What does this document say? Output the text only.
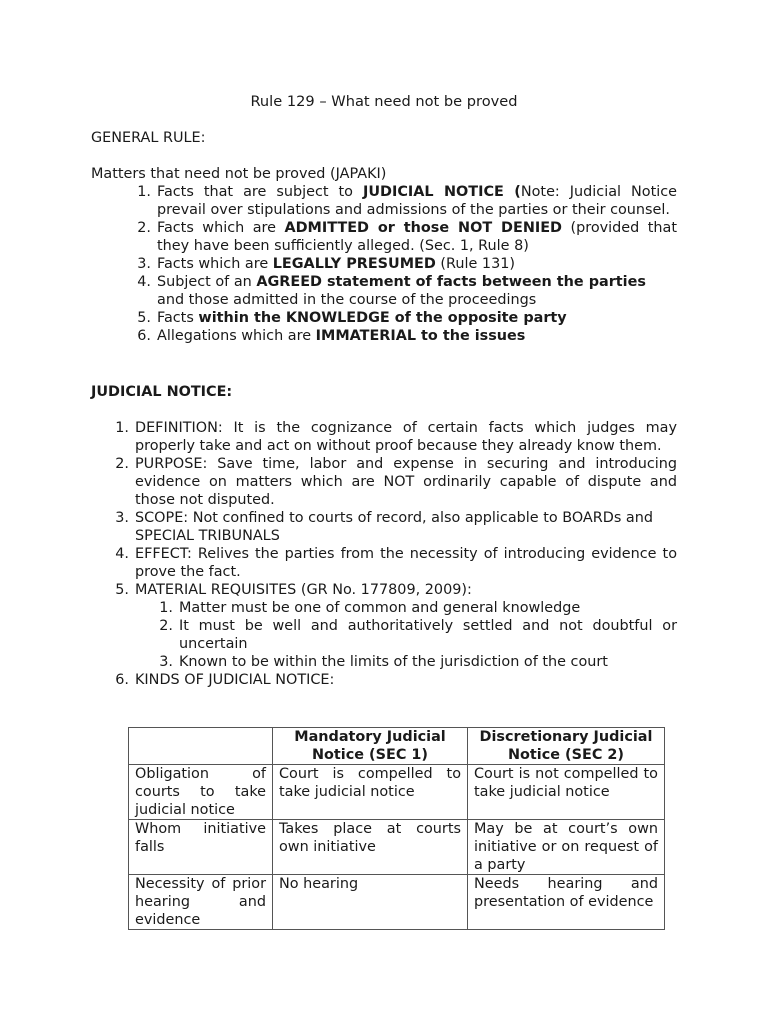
Rule 129 – What need not be proved
GENERAL RULE:
Matters that need not be proved (JAPAKI)
1. Facts that are subject to JUDICIAL NOTICE (Note: Judicial Notice prevail over stipulations and admissions of the parties or their counsel.
2. Facts which are ADMITTED or those NOT DENIED (provided that they have been sufficiently alleged. (Sec. 1, Rule 8)
3. Facts which are LEGALLY PRESUMED (Rule 131)
4. Subject of an AGREED statement of facts between the parties and those admitted in the course of the proceedings
5. Facts within the KNOWLEDGE of the opposite party
6. Allegations which are IMMATERIAL to the issues
JUDICIAL NOTICE:
1. DEFINITION: It is the cognizance of certain facts which judges may properly take and act on without proof because they already know them.
2. PURPOSE: Save time, labor and expense in securing and introducing evidence on matters which are NOT ordinarily capable of dispute and those not disputed.
3. SCOPE: Not confined to courts of record, also applicable to BOARDs and SPECIAL TRIBUNALS
4. EFFECT: Relives the parties from the necessity of introducing evidence to prove the fact.
5. MATERIAL REQUISITES (GR No. 177809, 2009):
1. Matter must be one of common and general knowledge
2. It must be well and authoritatively settled and not doubtful or uncertain
3. Known to be within the limits of the jurisdiction of the court
6. KINDS OF JUDICIAL NOTICE:
	Mandatory Judicial Notice (SEC 1)	Discretionary Judicial Notice (SEC 2)
Obligation of courts to take judicial notice	Court is compelled to take judicial notice	Court is not compelled to take judicial notice
Whom initiative falls	Takes place at courts own initiative	May be at court’s own initiative or on request of a party
Necessity of prior hearing and evidence	No hearing	Needs hearing and presentation of evidence
